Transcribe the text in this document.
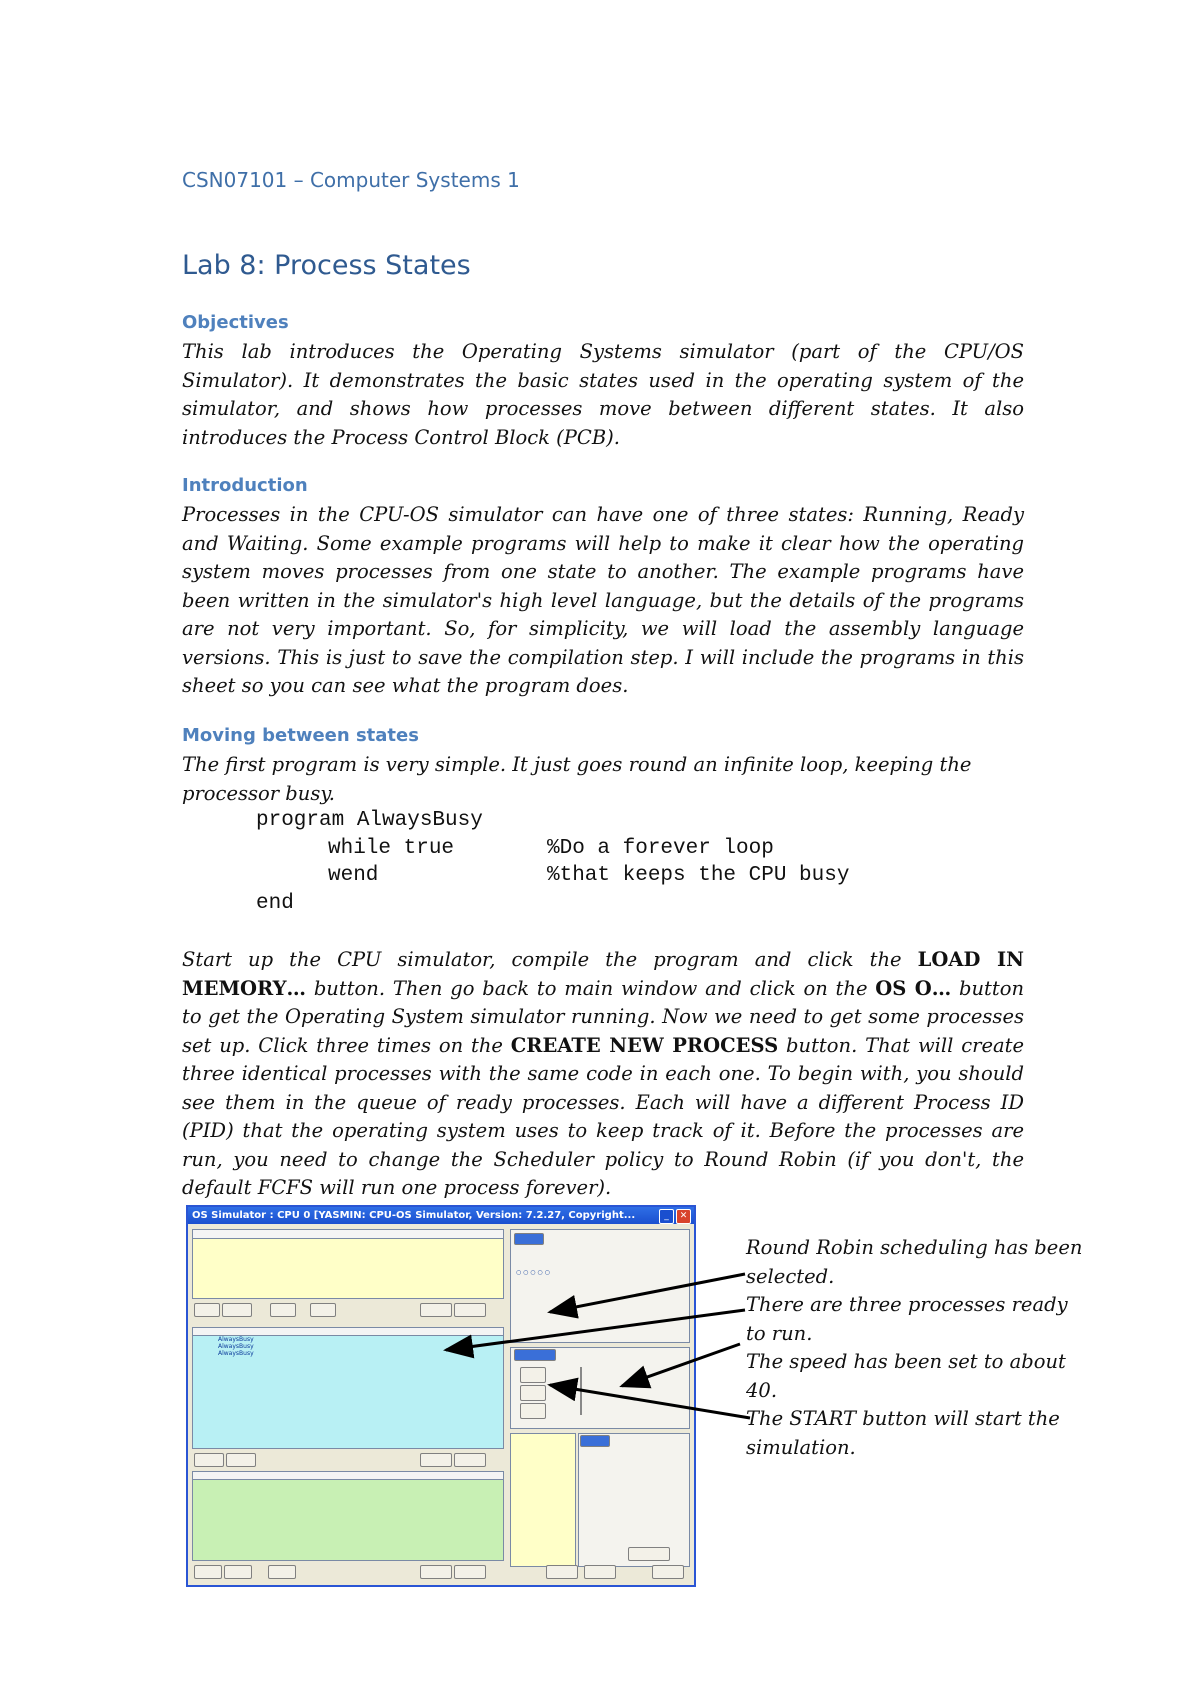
CSN07101 – Computer Systems 1
Lab 8: Process States
Objectives
This lab introduces the Operating Systems simulator (part of the CPU/OS Simulator). It demonstrates the basic states used in the operating system of the simulator, and shows how processes move between different states. It also introduces the Process Control Block (PCB).
Introduction
Processes in the CPU-OS simulator can have one of three states: Running, Ready and Waiting. Some example programs will help to make it clear how the operating system moves processes from one state to another. The example programs have been written in the simulator's high level language, but the details of the programs are not very important. So, for simplicity, we will load the assembly language versions. This is just to save the compilation step. I will include the programs in this sheet so you can see what the program does.
Moving between states
The first program is very simple. It just goes round an infinite loop, keeping the processor busy.
program AlwaysBusy
while true	%Do a forever loop
wend	%that keeps the CPU busy
end
Start up the CPU simulator, compile the program and click the LOAD IN MEMORY… button. Then go back to main window and click on the OS O… button to get the Operating System simulator running. Now we need to get some processes set up. Click three times on the CREATE NEW PROCESS button. That will create three identical processes with the same code in each one. To begin with, you should see them in the queue of ready processes. Each will have a different Process ID (PID) that the operating system uses to keep track of it. Before the processes are run, you need to change the Scheduler policy to Round Robin (if you don't, the default FCFS will run one process forever).
OS Simulator : CPU 0 [YASMIN: CPU-OS Simulator, Version: 7.2.27, Copyright...	_	✕
AlwaysBusy
AlwaysBusy
AlwaysBusy
○ ○ ○ ○ ○
Round Robin scheduling has been selected.
There are three processes ready to run.
The speed has been set to about 40.
The START button will start the simulation.
